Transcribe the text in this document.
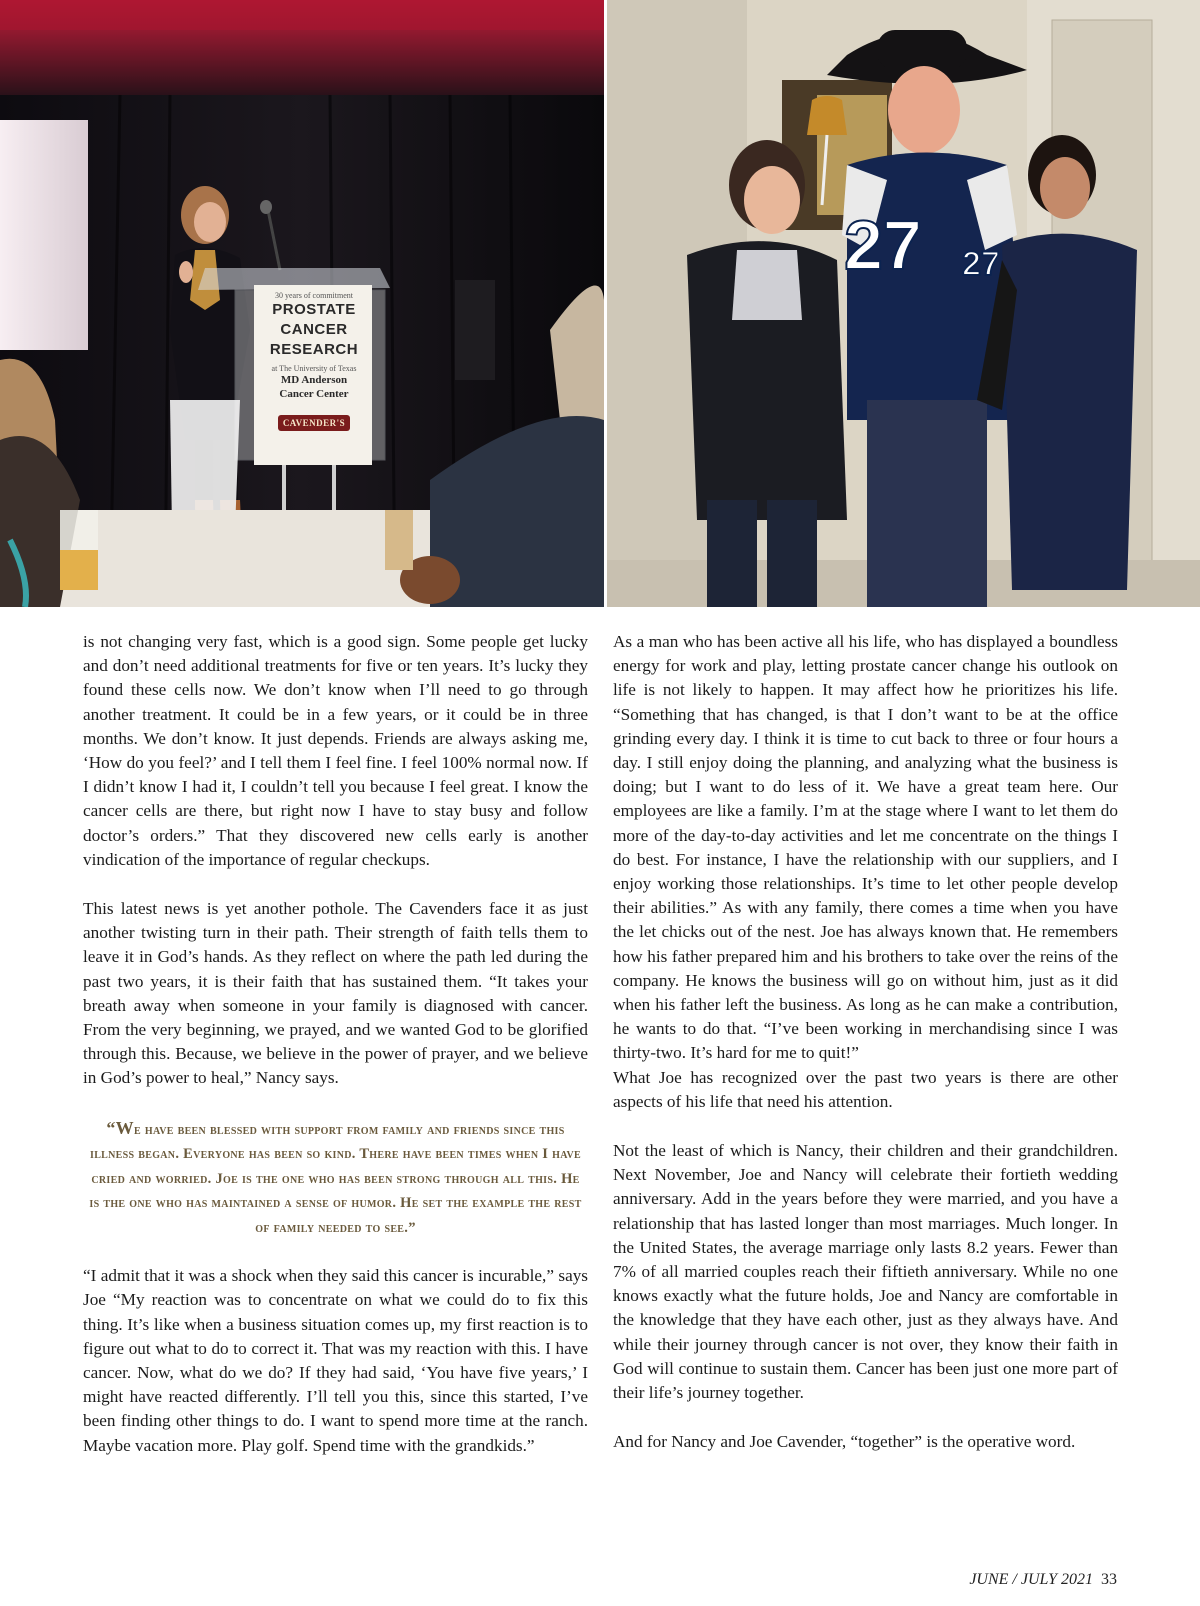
30 years of commitment
PROSTATE
CANCER
RESEARCH
at The University of Texas
MD Anderson
Cancer Center
CAVENDER'S
27 27

is not changing very fast, which is a good sign. Some people get lucky and don’t need additional treatments for five or ten years. It’s lucky they found these cells now. We don’t know when I’ll need to go through another treatment. It could be in a few years, or it could be in three months. We don’t know. It just depends. Friends are always asking me, ‘How do you feel?’ and I tell them I feel fine. I feel 100% normal now. If I didn’t know I had it, I couldn’t tell you because I feel great. I know the cancer cells are there, but right now I have to stay busy and follow doctor’s orders.” That they discovered new cells early is another vindication of the importance of regular checkups.

This latest news is yet another pothole. The Cavenders face it as just another twisting turn in their path. Their strength of faith tells them to leave it in God’s hands. As they reflect on where the path led during the past two years, it is their faith that has sustained them. “It takes your breath away when someone in your family is diagnosed with cancer. From the very beginning, we prayed, and we wanted God to be glorified through this. Because, we believe in the power of prayer, and we believe in God’s power to heal,” Nancy says.

“We have been blessed with support from family and friends since this illness began. Everyone has been so kind. There have been times when I have cried and worried. Joe is the one who has been strong through all this. He is the one who has maintained a sense of humor. He set the example the rest of family needed to see.”

“I admit that it was a shock when they said this cancer is incurable,” says Joe “My reaction was to concentrate on what we could do to fix this thing. It’s like when a business situation comes up, my first reaction is to figure out what to do to correct it. That was my reaction with this. I have cancer. Now, what do we do? If they had said, ‘You have five years,’ I might have reacted differently. I’ll tell you this, since this started, I’ve been finding other things to do. I want to spend more time at the ranch. Maybe vacation more. Play golf. Spend time with the grandkids.”

As a man who has been active all his life, who has displayed a boundless energy for work and play, letting prostate cancer change his outlook on life is not likely to happen. It may affect how he prioritizes his life. “Something that has changed, is that I don’t want to be at the office grinding every day. I think it is time to cut back to three or four hours a day. I still enjoy doing the planning, and analyzing what the business is doing; but I want to do less of it. We have a great team here. Our employees are like a family. I’m at the stage where I want to let them do more of the day-to-day activities and let me concentrate on the things I do best. For instance, I have the relationship with our suppliers, and I enjoy working those relationships. It’s time to let other people develop their abilities.” As with any family, there comes a time when you have the let chicks out of the nest. Joe has always known that. He remembers how his father prepared him and his brothers to take over the reins of the company. He knows the business will go on without him, just as it did when his father left the business. As long as he can make a contribution, he wants to do that. “I’ve been working in merchandising since I was thirty-two. It’s hard for me to quit!”

What Joe has recognized over the past two years is there are other aspects of his life that need his attention.

Not the least of which is Nancy, their children and their grandchildren. Next November, Joe and Nancy will celebrate their fortieth wedding anniversary. Add in the years before they were married, and you have a relationship that has lasted longer than most marriages. Much longer. In the United States, the average marriage only lasts 8.2 years. Fewer than 7% of all married couples reach their fiftieth anniversary. While no one knows exactly what the future holds, Joe and Nancy are comfortable in the knowledge that they have each other, just as they always have. And while their journey through cancer is not over, they know their faith in God will continue to sustain them. Cancer has been just one more part of their life’s journey together.

And for Nancy and Joe Cavender, “together” is the operative word.

JUNE / JULY 2021 33
